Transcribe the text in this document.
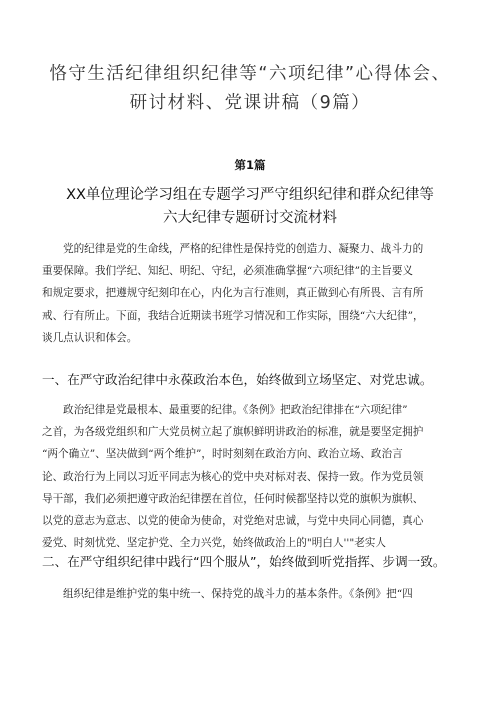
恪守生活纪律组织纪律等“六项纪律”心得体会、
研讨材料、党课讲稿（9篇）
第1篇
XX单位理论学习组在专题学习严守组织纪律和群众纪律等
六大纪律专题研讨交流材料
党的纪律是党的生命线，严格的纪律性是保持党的创造力、凝聚力、战斗力的
重要保障。我们学纪、知纪、明纪、守纪，必须准确掌握“六项纪律”的主旨要义
和规定要求，把遵规守纪刻印在心，内化为言行准则，真正做到心有所畏、言有所
戒、行有所止。下面，我结合近期读书班学习情况和工作实际，围绕“六大纪律”，
谈几点认识和体会。
一、在严守政治纪律中永葆政治本色，始终做到立场坚定、对党忠诚。
政治纪律是党最根本、最重要的纪律。《条例》把政治纪律排在“六项纪律”
之首，为各级党组织和广大党员树立起了旗帜鲜明讲政治的标准，就是要坚定拥护
“两个确立”、坚决做到“两个维护”，时时刻刻在政治方向、政治立场、政治言
论、政治行为上同以习近平同志为核心的党中央对标对表、保持一致。作为党员领
导干部，我们必须把遵守政治纪律摆在首位，任何时候都坚持以党的旗帜为旗帜、
以党的意志为意志、以党的使命为使命，对党绝对忠诚，与党中央同心同德，真心
爱党、时刻忧党、坚定护党、全力兴党，始终做政治上的"明白人''"老实人
二、在严守组织纪律中践行“四个服从”，始终做到听党指挥、步调一致。
组织纪律是维护党的集中统一、保持党的战斗力的基本条件。《条例》把“四
